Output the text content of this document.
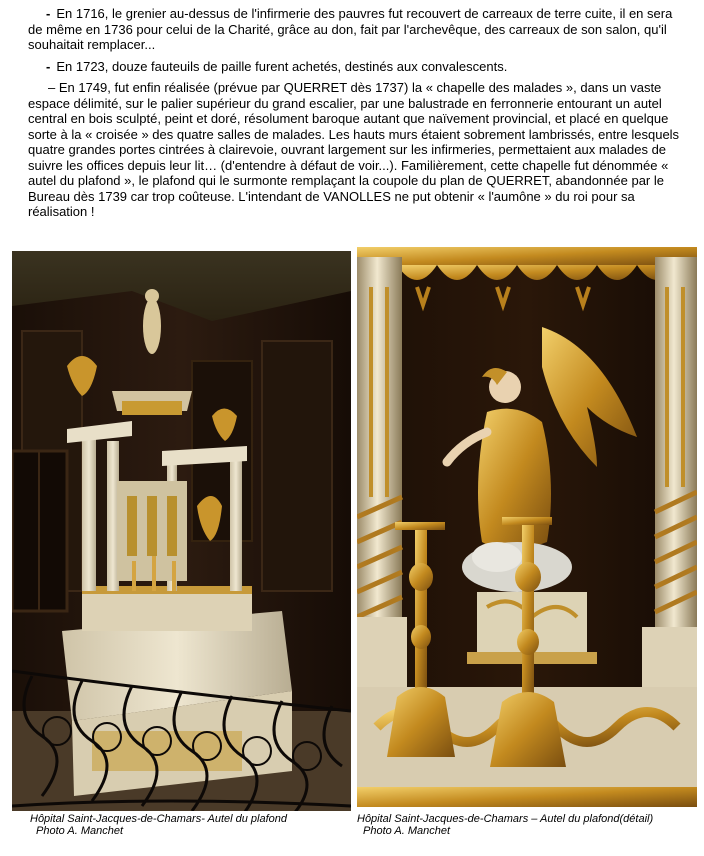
- En 1716, le grenier au-dessus de l'infirmerie des pauvres fut recouvert de carreaux de terre cuite, il en sera de même en 1736 pour celui de la Charité, grâce au don, fait par l'archevêque, des carreaux de son salon, qu'il souhaitait remplacer...

- En 1723, douze fauteuils de paille furent achetés, destinés aux convalescents.

– En 1749, fut enfin réalisée (prévue par QUERRET dès 1737) la « chapelle des malades », dans un vaste espace délimité, sur le palier supérieur du grand escalier, par une balustrade en ferronnerie entourant un autel central en bois sculpté, peint et doré, résolument baroque autant que naïvement provincial, et placé en quelque sorte à la « croisée » des quatre salles de malades. Les hauts murs étaient sobrement lambrissés, entre lesquels quatre grandes portes cintrées à clairevoie, ouvrant largement sur les infirmeries, permettaient aux malades de suivre les offices depuis leur lit… (d'entendre à défaut de voir...). Familièrement, cette chapelle fut dénommée « autel du plafond », le plafond qui le surmonte remplaçant la coupole du plan de QUERRET, abandonnée par le Bureau dès 1739 car trop coûteuse. L'intendant de VANOLLES ne put obtenir « l'aumône » du roi pour sa réalisation !

Hôpital Saint-Jacques-de-Chamars- Autel du plafond
Photo A. Manchet
Hôpital Saint-Jacques-de-Chamars – Autel du plafond(détail)
Photo A. Manchet
